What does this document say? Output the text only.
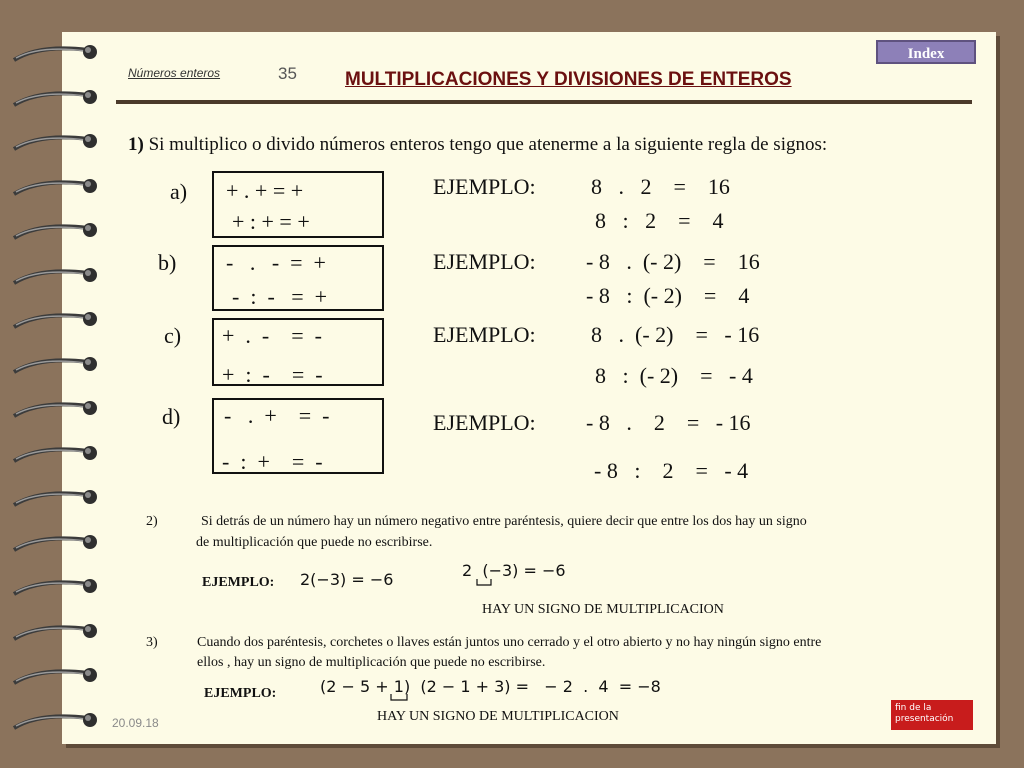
Números enteros	35	MULTIPLICACIONES Y DIVISIONES DE ENTEROS
Index
1) Si multiplico o divido números enteros tengo que atenerme a la siguiente regla de signos:
a) + . + = +
+ : + = +
EJEMPLO:	8   .   2    =    16
8   :   2    =    4
b) -   .   -  =  +
-  :  -   =  +
EJEMPLO: - 8   .  (- 2)    =    16
- 8   :  (- 2)    =    4
c) +  .  -    =  -
+  :  -    =  -
EJEMPLO:	8   .  (- 2)    =   - 16
8   :  (- 2)    =   - 4
d) -   .  +    =  -
-  :  +    =  -
EJEMPLO: - 8   .    2    =   - 16
- 8   :    2    =   - 4
2)	Si detrás de un número hay un número negativo entre paréntesis, quiere decir que entre los dos hay un signo
de multiplicación que puede no escribirse.
EJEMPLO: 2(−3) = −6	2  (−3) = −6
HAY UN SIGNO DE MULTIPLICACION
3)	Cuando dos paréntesis, corchetes o llaves están juntos uno cerrado y el otro abierto y no hay ningún signo entre
ellos , hay un signo de multiplicación que puede no escribirse.
EJEMPLO:	(2 − 5 + 1)  (2 − 1 + 3) =   − 2  .  4  = −8
HAY UN SIGNO DE MULTIPLICACION
20.09.18
fin de la
presentación
